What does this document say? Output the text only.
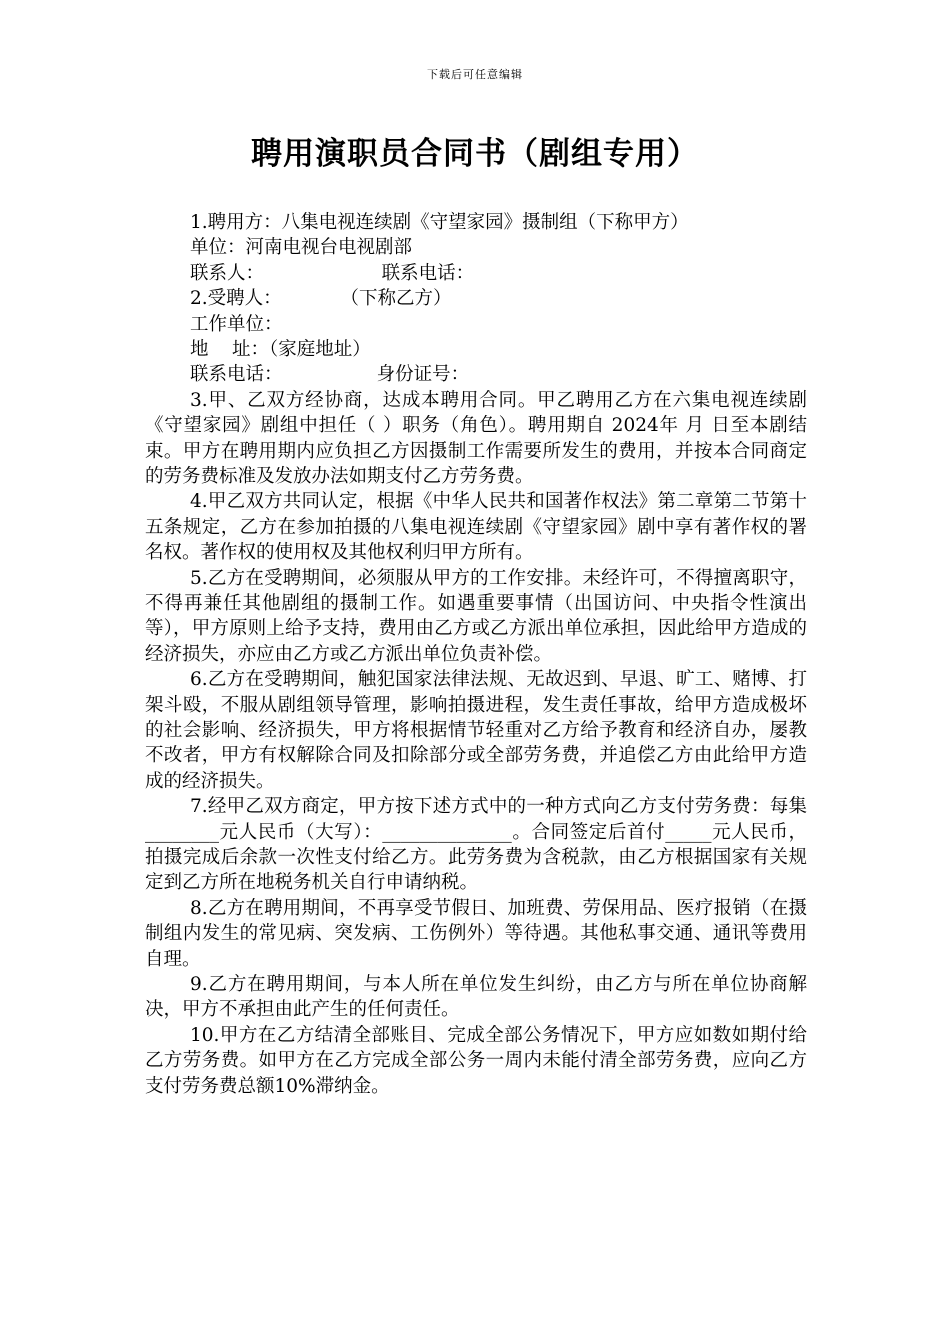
下载后可任意编辑
聘用演职员合同书（剧组专用）
1.聘用方：八集电视连续剧《守望家园》摄制组（下称甲方）
单位：河南电视台电视剧部
联系人：                    联系电话：
2.受聘人：          （下称乙方）
工作单位：
地    址：（家庭地址）
联系电话：                身份证号：

3.甲、乙双方经协商，达成本聘用合同。甲乙聘用乙方在六集电视连续剧《守望家园》剧组中担任（ ）职务（角色）。聘用期自 2024年 月 日至本剧结束。甲方在聘用期内应负担乙方因摄制工作需要所发生的费用，并按本合同商定的劳务费标准及发放办法如期支付乙方劳务费。

4.甲乙双方共同认定，根据《中华人民共和国著作权法》第二章第二节第十五条规定，乙方在参加拍摄的八集电视连续剧《守望家园》剧中享有著作权的署名权。著作权的使用权及其他权利归甲方所有。

5.乙方在受聘期间，必须服从甲方的工作安排。未经许可，不得擅离职守，不得再兼任其他剧组的摄制工作。如遇重要事情（出国访问、中央指令性演出等），甲方原则上给予支持，费用由乙方或乙方派出单位承担，因此给甲方造成的经济损失，亦应由乙方或乙方派出单位负责补偿。

6.乙方在受聘期间，触犯国家法律法规、无故迟到、早退、旷工、赌博、打架斗殴，不服从剧组领导管理，影响拍摄进程，发生责任事故，给甲方造成极坏的社会影响、经济损失，甲方将根据情节轻重对乙方给予教育和经济自办，屡教不改者，甲方有权解除合同及扣除部分或全部劳务费，并追偿乙方由此给甲方造成的经济损失。

7.经甲乙双方商定，甲方按下述方式中的一种方式向乙方支付劳务费：每集________元人民币（大写）：______________。合同签定后首付_____元人民币，拍摄完成后余款一次性支付给乙方。此劳务费为含税款，由乙方根据国家有关规定到乙方所在地税务机关自行申请纳税。

8.乙方在聘用期间，不再享受节假日、加班费、劳保用品、医疗报销（在摄制组内发生的常见病、突发病、工伤例外）等待遇。其他私事交通、通讯等费用自理。

9.乙方在聘用期间，与本人所在单位发生纠纷，由乙方与所在单位协商解决，甲方不承担由此产生的任何责任。

10.甲方在乙方结清全部账目、完成全部公务情况下，甲方应如数如期付给乙方劳务费。如甲方在乙方完成全部公务一周内未能付清全部劳务费，应向乙方支付劳务费总额10%滞纳金。
